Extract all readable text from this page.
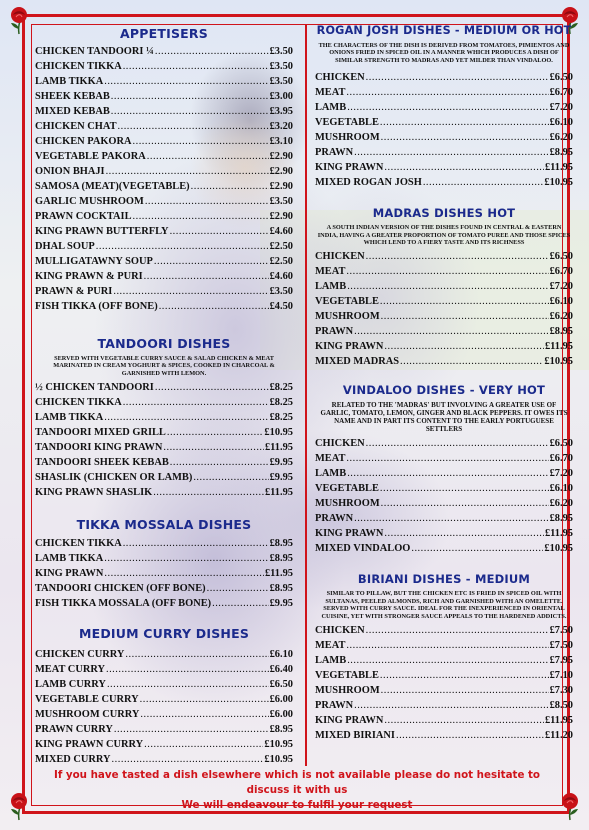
APPETISERS
CHICKEN TANDOORI ¼ .....	£3.50
CHICKEN TIKKA .....	£3.50
LAMB TIKKA .....	£3.50
SHEEK KEBAB .....	£3.00
MIXED KEBAB .....	£3.95
CHICKEN CHAT .....	£3.20
CHICKEN PAKORA .....	£3.10
VEGETABLE PAKORA .....	£2.90
ONION BHAJI .....	£2.90
SAMOSA (MEAT)(VEGETABLE) .....	£2.90
GARLIC MUSHROOM .....	£3.50
PRAWN COCKTAIL .....	£2.90
KING PRAWN BUTTERFLY .....	£4.60
DHAL SOUP .....	£2.50
MULLIGATAWNY SOUP .....	£2.50
KING PRAWN & PURI .....	£4.60
PRAWN & PURI .....	£3.50
FISH TIKKA (OFF BONE) .....	£4.50
TANDOORI DISHES
SERVED WITH VEGETABLE CURRY SAUCE & SALAD CHICKEN & MEAT MARINATED IN CREAM YOGHURT & SPICES, COOKED IN CHARCOAL & GARNISHED WITH LEMON.
½ CHICKEN TANDOORI .....	£8.25
CHICKEN TIKKA .....	£8.25
LAMB TIKKA .....	£8.25
TANDOORI MIXED GRILL .....	£10.95
TANDOORI KING PRAWN .....	£11.95
TANDOORI SHEEK KEBAB .....	£9.95
SHASLIK (CHICKEN OR LAMB) .....	£9.95
KING PRAWN SHASLIK .....	£11.95
TIKKA MOSSALA DISHES
CHICKEN TIKKA .....	£8.95
LAMB TIKKA .....	£8.95
KING PRAWN .....	£11.95
TANDOORI CHICKEN (OFF BONE) .....	£8.95
FISH TIKKA MOSSALA (OFF BONE) .....	£9.95
MEDIUM CURRY DISHES
CHICKEN CURRY .....	£6.10
MEAT CURRY .....	£6.40
LAMB CURRY .....	£6.50
VEGETABLE CURRY .....	£6.00
MUSHROOM CURRY .....	£6.00
PRAWN CURRY .....	£8.95
KING PRAWN CURRY .....	£10.95
MIXED CURRY .....	£10.95
ROGAN JOSH DISHES - MEDIUM OR HOT
THE CHARACTERS OF THE DISH IS DERIVED FROM TOMATOES, PIMIENTOS AND ONIONS FRIED IN SPICED OIL IN A MANNER WHICH PRODUCES A DISH OF SIMILAR STRENGTH TO MADRAS AND YET MILDER THAN VINDALOO.
CHICKEN .....	£6.50
MEAT .....	£6.70
LAMB .....	£7.20
VEGETABLE .....	£6.10
MUSHROOM .....	£6.20
PRAWN .....	£8.95
KING PRAWN .....	£11.95
MIXED ROGAN JOSH .....	£10.95
MADRAS DISHES HOT
A SOUTH INDIAN VERSION OF THE DISHES FOUND IN CENTRAL & EASTERN INDIA, HAVING A GREATER PROPORTION OF TOMATO PUREE AND THOSE SPICES WHICH LEND TO A FIERY TASTE AND ITS RICHNESS
CHICKEN .....	£6.50
MEAT .....	£6.70
LAMB .....	£7.20
VEGETABLE .....	£6.10
MUSHROOM .....	£6.20
PRAWN .....	£8.95
KING PRAWN .....	£11.95
MIXED MADRAS .....	£10.95
VINDALOO DISHES - VERY HOT
RELATED TO THE 'MADRAS' BUT INVOLVING A GREATER USE OF GARLIC, TOMATO, LEMON, GINGER AND BLACK PEPPERS. IT OWES ITS NAME AND IN PART ITS CONTENT TO THE EARLY PORTUGUESE SETTLERS
CHICKEN .....	£6.50
MEAT .....	£6.70
LAMB .....	£7.20
VEGETABLE .....	£6.10
MUSHROOM .....	£6.20
PRAWN .....	£8.95
KING PRAWN .....	£11.95
MIXED VINDALOO .....	£10.95
BIRIANI DISHES - MEDIUM
SIMILAR TO PILLAW, BUT THE CHICKEN ETC IS FRIED IN SPICED OIL WITH SULTANAS, PEELED ALMONDS, RICH AND GARNISHED WITH AN OMELETTE. SERVED WITH CURRY SAUCE. IDEAL FOR THE INEXPERIENCED IN ORIENTAL CUISINE, YET WITH STRONGER SAUCE APPEALS TO THE HARDENED ADDICTS.
CHICKEN .....	£7.50
MEAT .....	£7.50
LAMB .....	£7.95
VEGETABLE .....	£7.10
MUSHROOM .....	£7.30
PRAWN .....	£8.50
KING PRAWN .....	£11.95
MIXED BIRIANI .....	£11.20
If you have tasted a dish elsewhere which is not available please do not hesitate to discuss it with us
We will endeavour to fulfil your request
